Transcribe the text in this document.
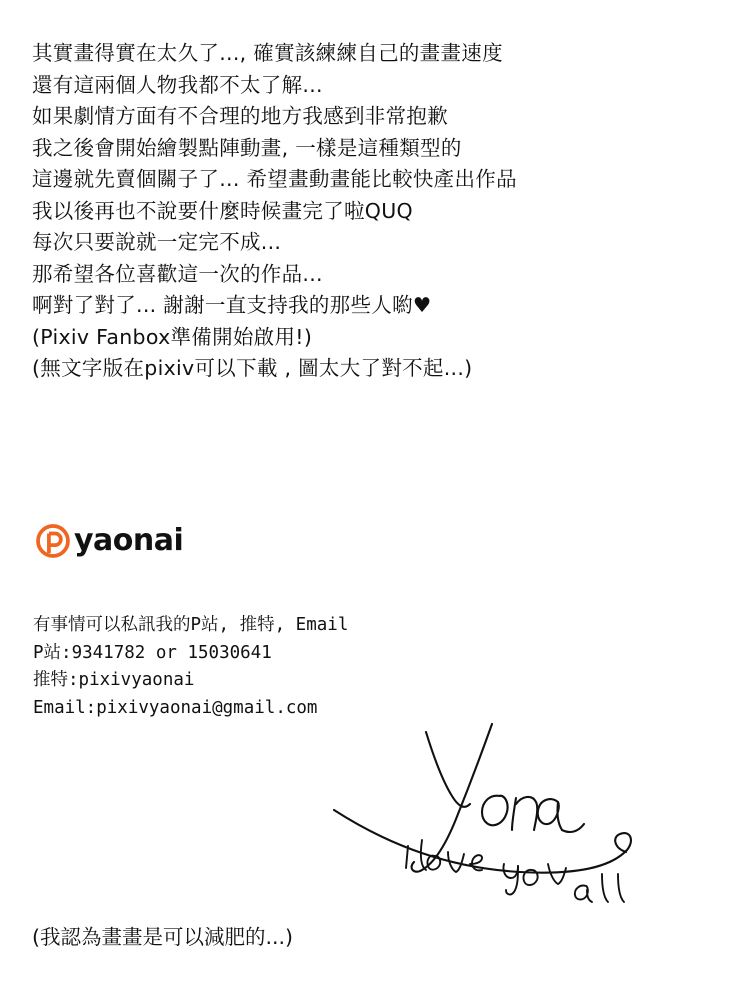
其實畫得實在太久了..., 確實該練練自己的畫畫速度
還有這兩個人物我都不太了解...
如果劇情方面有不合理的地方我感到非常抱歉
我之後會開始繪製點陣動畫, 一樣是這種類型的
這邊就先賣個關子了... 希望畫動畫能比較快產出作品
我以後再也不說要什麼時候畫完了啦QUQ
每次只要說就一定完不成...
那希望各位喜歡這一次的作品...
啊對了對了... 謝謝一直支持我的那些人喲♥
(Pixiv Fanbox準備開始啟用!)
(無文字版在pixiv可以下載 , 圖太大了對不起...)
yaonai
有事情可以私訊我的P站, 推特, Email
P站:9341782 or 15030641
推特:pixivyaonai
Email:pixivyaonai@gmail.com
(我認為畫畫是可以減肥的...)
